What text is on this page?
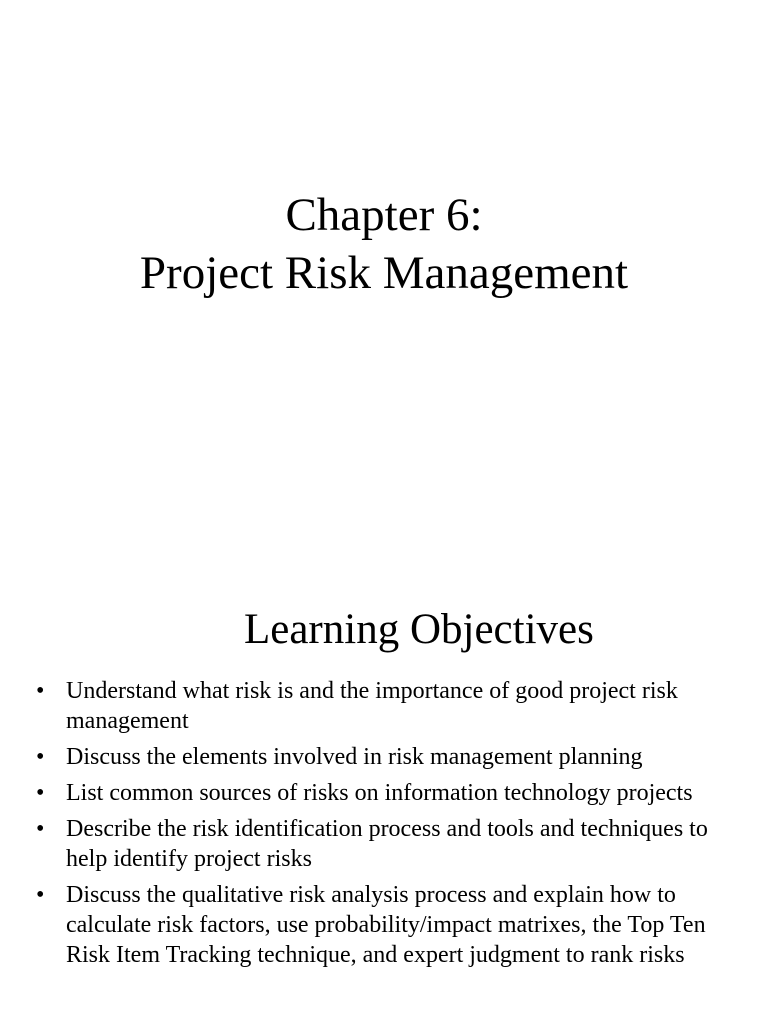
Chapter 6:
Project Risk Management
Learning Objectives
• Understand what risk is and the importance of good project risk management
• Discuss the elements involved in risk management planning
• List common sources of risks on information technology projects
• Describe the risk identification process and tools and techniques to help identify project risks
• Discuss the qualitative risk analysis process and explain how to calculate risk factors, use probability/impact matrixes, the Top Ten Risk Item Tracking technique, and expert judgment to rank risks
